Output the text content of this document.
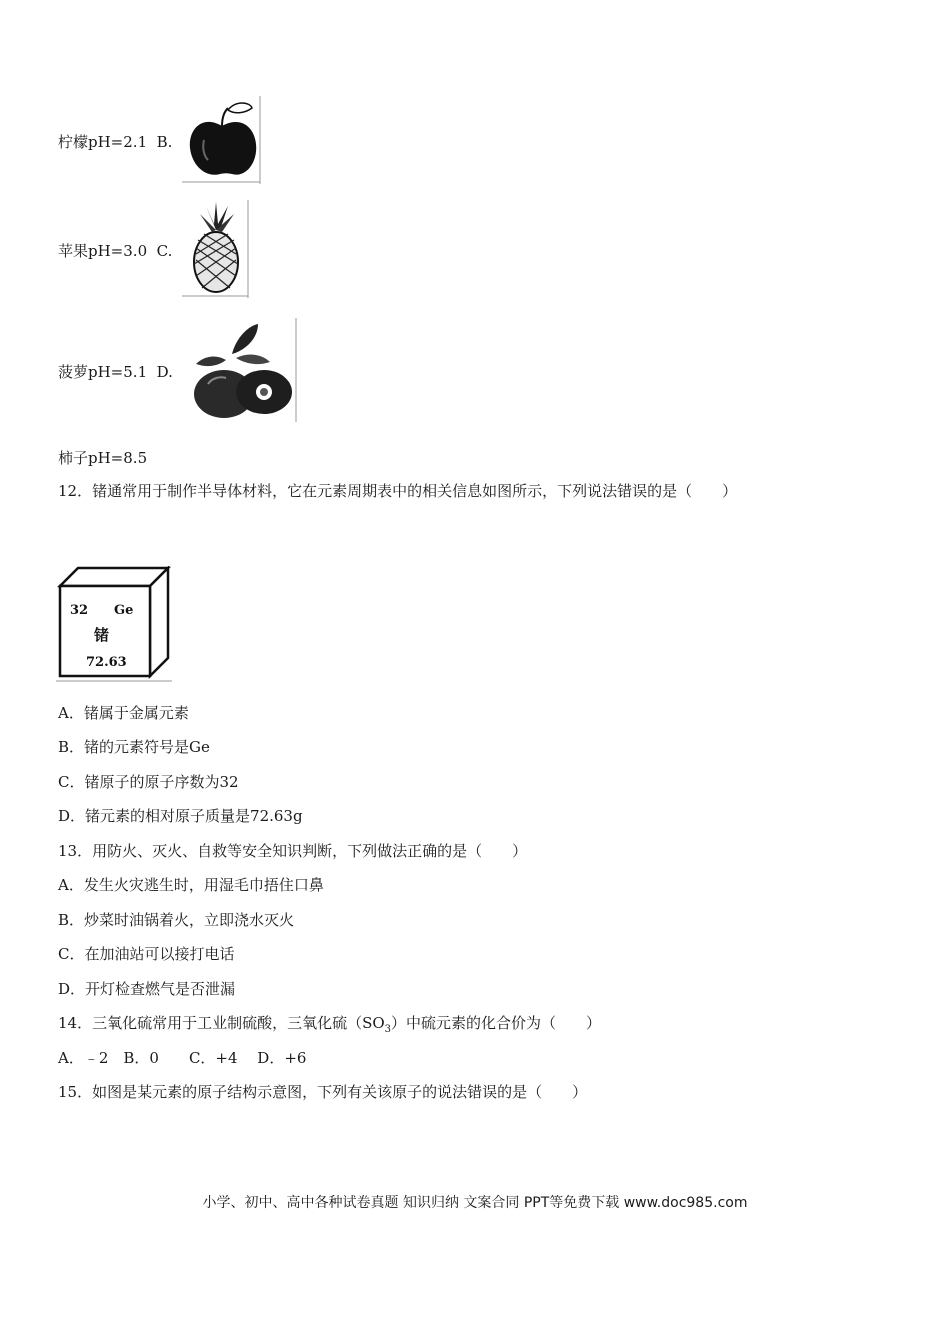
柠檬pH=2.1 B.
苹果pH=3.0 C.
菠萝pH=5.1 D.
柿子pH=8.5
12．锗通常用于制作半导体材料，它在元素周期表中的相关信息如图所示，下列说法错误的是（　　）
32 Ge
锗
72.63
A．锗属于金属元素
B．锗的元素符号是Ge
C．锗原子的原子序数为32
D．锗元素的相对原子质量是72.63g
13．用防火、灭火、自救等安全知识判断，下列做法正确的是（　　）
A．发生火灾逃生时，用湿毛巾捂住口鼻
B．炒菜时油锅着火，立即浇水灭火
C．在加油站可以接打电话
D．开灯检查燃气是否泄漏
14．三氧化硫常用于工业制硫酸，三氧化硫$(SO_3)$中硫元素的化合价为（　　）
A．﹣2　B．0　　C．+4　 D．+6
15．如图是某元素的原子结构示意图，下列有关该原子的说法错误的是（　　）
小学、初中、高中各种试卷真题 知识归纳 文案合同 PPT等免费下载 www.doc985.com
